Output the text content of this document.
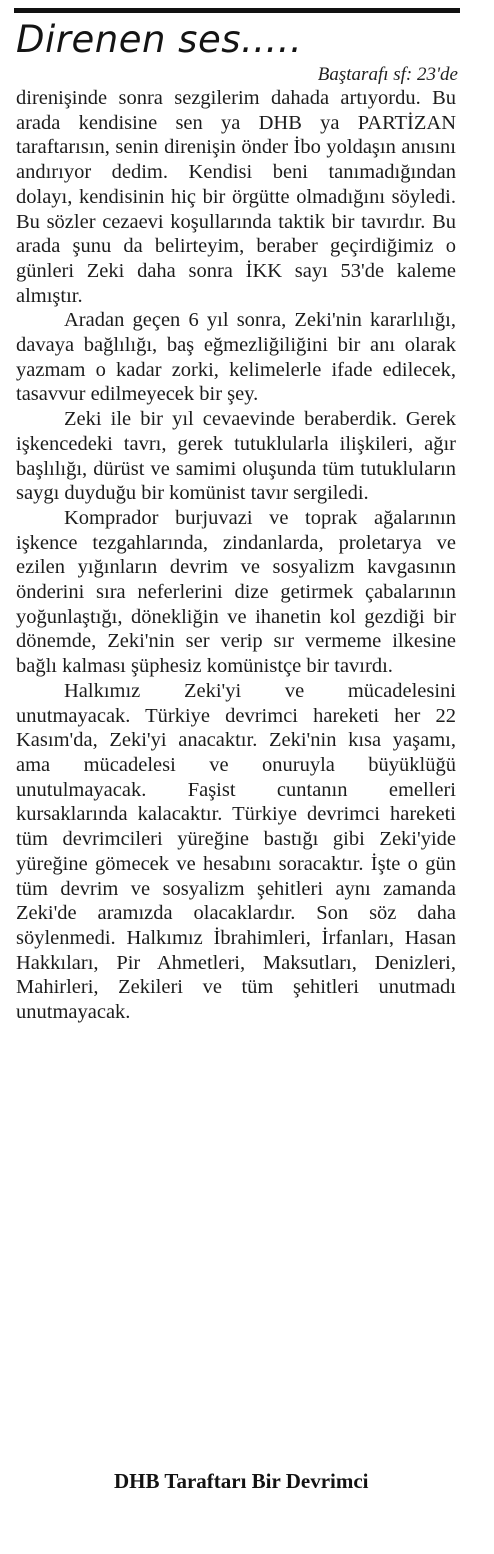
Direnen ses.....
Baştarafı sf: 23'de

direnişinde sonra sezgilerim dahada artıyordu. Bu arada kendisine sen ya DHB ya PARTİZAN taraftarısın, senin direnişin önder İbo yoldaşın anısını andırıyor dedim. Kendisi beni tanımadığından dolayı, kendisinin hiç bir örgütte olmadığını söyledi. Bu sözler cezaevi koşullarında taktik bir tavırdır. Bu arada şunu da belirteyim, beraber geçirdiğimiz o günleri Zeki daha sonra İKK sayı 53'de kaleme almıştır.

Aradan geçen 6 yıl sonra, Zeki'nin kararlılığı, davaya bağlılığı, baş eğmezliğiliğini bir anı olarak yazmam o kadar zorki, kelimelerle ifade edilecek, tasavvur edilmeyecek bir şey.

Zeki ile bir yıl cevaevinde beraberdik. Gerek işkencedeki tavrı, gerek tutuklularla ilişkileri, ağır başlılığı, dürüst ve samimi oluşunda tüm tutukluların saygı duyduğu bir komünist tavır sergiledi.

Komprador burjuvazi ve toprak ağalarının işkence tezgahlarında, zindanlarda, proletarya ve ezilen yığınların devrim ve sosyalizm kavgasının önderini sıra neferlerini dize getirmek çabalarının yoğunlaştığı, dönekliğin ve ihanetin kol gezdiği bir dönemde, Zeki'nin ser verip sır vermeme ilkesine bağlı kalması şüphesiz komünistçe bir tavırdı.

Halkımız Zeki'yi ve mücadelesini unutmayacak. Türkiye devrimci hareketi her 22 Kasım'da, Zeki'yi anacaktır. Zeki'nin kısa yaşamı, ama mücadelesi ve onuruyla büyüklüğü unutulmayacak. Faşist cuntanın emelleri kursaklarında kalacaktır. Türkiye devrimci hareketi tüm devrimcileri yüreğine bastığı gibi Zeki'yide yüreğine gömecek ve hesabını soracaktır. İşte o gün tüm devrim ve sosyalizm şehitleri aynı zamanda Zeki'de aramızda olacaklardır. Son söz daha söylenmedi. Halkımız İbrahimleri, İrfanları, Hasan Hakkıları, Pir Ahmetleri, Maksutları, Denizleri, Mahirleri, Zekileri ve tüm şehitleri unutmadı unutmayacak.

DHB Taraftarı Bir Devrimci
